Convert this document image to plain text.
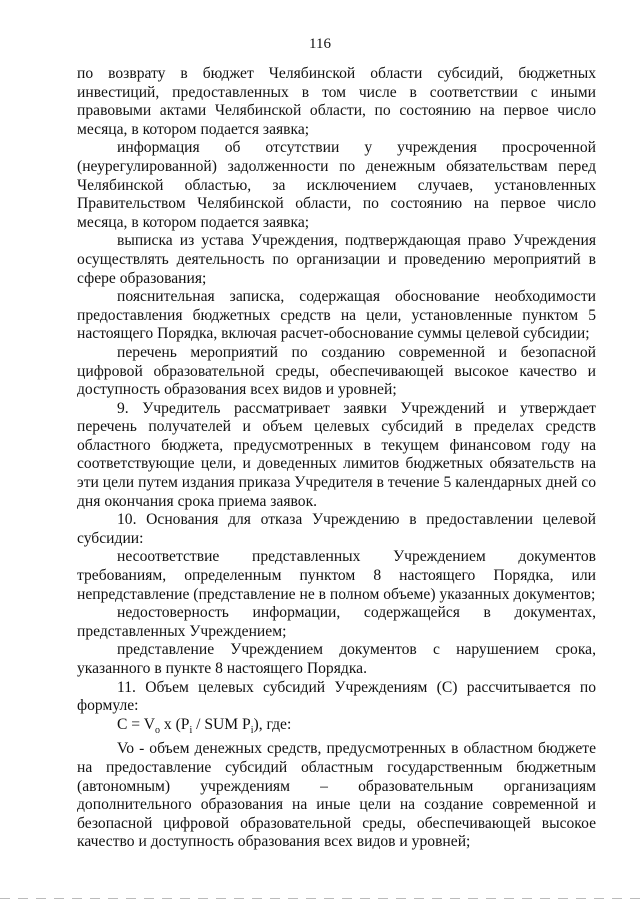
116

по возврату в бюджет Челябинской области субсидий, бюджетных инвестиций, предоставленных в том числе в соответствии с иными правовыми актами Челябинской области, по состоянию на первое число месяца, в котором подается заявка;

информация об отсутствии у учреждения просроченной (неурегулированной) задолженности по денежным обязательствам перед Челябинской областью, за исключением случаев, установленных Правительством Челябинской области, по состоянию на первое число месяца, в котором подается заявка;

выписка из устава Учреждения, подтверждающая право Учреждения осуществлять деятельность по организации и проведению мероприятий в сфере образования;

пояснительная записка, содержащая обоснование необходимости предоставления бюджетных средств на цели, установленные пунктом 5 настоящего Порядка, включая расчет-обоснование суммы целевой субсидии;

перечень мероприятий по созданию современной и безопасной цифровой образовательной среды, обеспечивающей высокое качество и доступность образования всех видов и уровней;

9. Учредитель рассматривает заявки Учреждений и утверждает перечень получателей и объем целевых субсидий в пределах средств областного бюджета, предусмотренных в текущем финансовом году на соответствующие цели, и доведенных лимитов бюджетных обязательств на эти цели путем издания приказа Учредителя в течение 5 календарных дней со дня окончания срока приема заявок.

10. Основания для отказа Учреждению в предоставлении целевой субсидии:

несоответствие представленных Учреждением документов требованиям, определенным пунктом 8 настоящего Порядка, или непредставление (представление не в полном объеме) указанных документов;

недостоверность информации, содержащейся в документах, представленных Учреждением;

представление Учреждением документов с нарушением срока, указанного в пункте 8 настоящего Порядка.

11. Объем целевых субсидий Учреждениям (С) рассчитывается по формуле:

$C = V_o$ x ($P_i$ / SUM $P_i$), где:

Vo - объем денежных средств, предусмотренных в областном бюджете на предоставление субсидий областным государственным бюджетным (автономным) учреждениям – образовательным организациям дополнительного образования на иные цели на создание современной и безопасной цифровой образовательной среды, обеспечивающей высокое качество и доступность образования всех видов и уровней;
